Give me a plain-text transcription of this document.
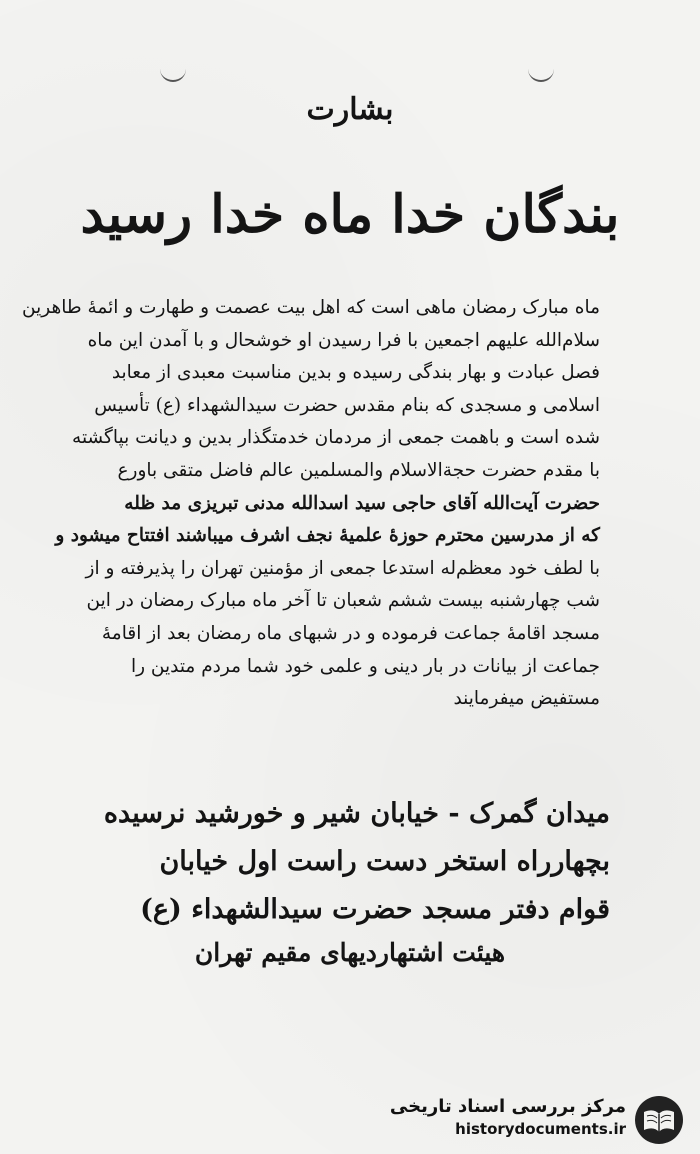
بشارت
بندگان خدا ماه خدا رسید

ماه مبارک رمضان ماهی است که اهل بیت عصمت و طهارت و ائمهٔ طاهرین

سلام‌الله علیهم اجمعین با فرا رسیدن او خوشحال و با آمدن این ماه

فصل عبادت و بهار بندگی رسیده و بدین مناسبت معبدی از معابد

اسلامی و مسجدی که بنام مقدس حضرت سیدالشهداء (ع) تأسیس

شده است و باهمت جمعی از مردمان خدمتگذار بدین و دیانت بپاگشته

با مقدم حضرت حجةالاسلام والمسلمین عالم فاضل متقی باورع

حضرت آیت‌الله آقای حاجی سید اسدالله مدنی تبریزی مد ظله

که از مدرسین محترم حوزهٔ علمیهٔ نجف اشرف میباشند افتتاح میشود و

با لطف خود معظم‌له استدعا جمعی از مؤمنین تهران را پذیرفته و از

شب چهارشنبه بیست ششم شعبان تا آخر ماه مبارک رمضان در این

مسجد اقامهٔ جماعت فرموده و در شبهای ماه رمضان بعد از اقامهٔ

جماعت از بیانات در بار دینی و علمی خود شما مردم متدین را

مستفیض میفرمایند

میدان گمرک - خیابان شیر و خورشید نرسیده

بچهارراه استخر دست راست اول خیابان

قوام دفتر مسجد حضرت سیدالشهداء (ع)

هیئت اشتهاردیهای مقیم تهران
مرکز بررسی اسناد تاریخی
historydocuments.ir
